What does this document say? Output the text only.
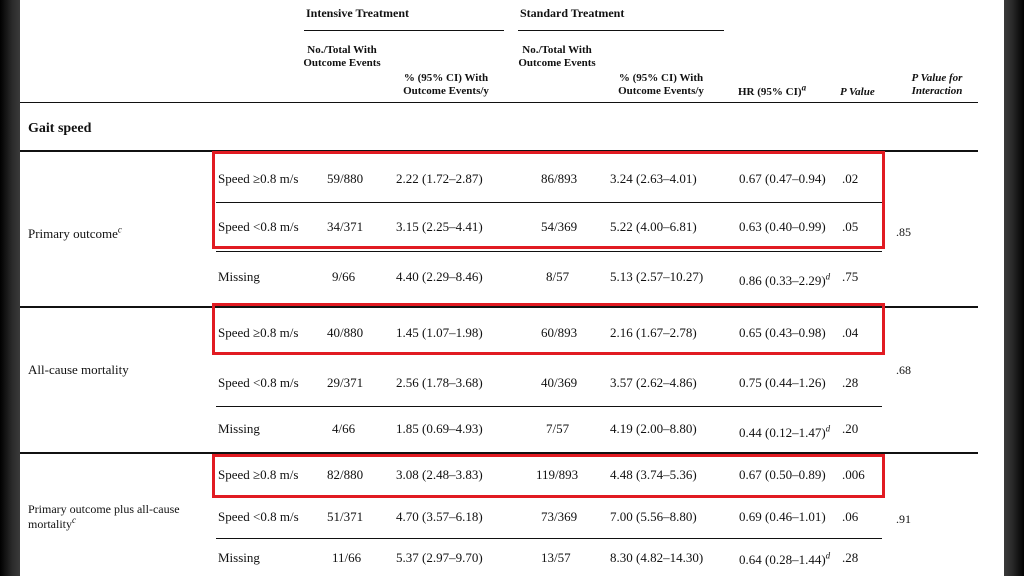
Intensive Treatment	Standard Treatment
No./Total With Outcome Events
% (95% CI) With Outcome Events/y
No./Total With Outcome Events
% (95% CI) With Outcome Events/y	HR (95% CI)$^a$	P Value
P Value for Interaction
Gait speed
Primary outcome$^c$	.85
Speed ≥0.8 m/s 59/880	2.22 (1.72–2.87)	86/893	3.24 (2.63–4.01)	0.67 (0.47–0.94) .02
Speed <0.8 m/s 34/371	3.15 (2.25–4.41)	54/369	5.22 (4.00–6.81)	0.63 (0.40–0.99) .05
Missing	9/66	4.40 (2.29–8.46)	8/57	5.13 (2.57–10.27)	0.86 $(0.33-2.29)^d$ .75
All-cause mortality	.68
Speed ≥0.8 m/s 40/880	1.45 (1.07–1.98)	60/893	2.16 (1.67–2.78)	0.65 (0.43–0.98) .04
Speed <0.8 m/s 29/371	2.56 (1.78–3.68)	40/369	3.57 (2.62–4.86)	0.75 (0.44–1.26) .28
Missing	4/66	1.85 (0.69–4.93)	7/57	4.19 (2.00–8.80)	0.44 $(0.12-1.47)^d$ .20
Primary outcome plus all-cause
mortality$^c$	.91
Speed ≥0.8 m/s 82/880	3.08 (2.48–3.83)	119/893 4.48 (3.74–5.36)	0.67 (0.50–0.89) .006
Speed <0.8 m/s 51/371	4.70 (3.57–6.18)	73/369	7.00 (5.56–8.80)	0.69 (0.46–1.01) .06
Missing	11/66	5.37 (2.97–9.70)	13/57	8.30 (4.82–14.30)	0.64 $(0.28-1.44)^d$ .28
